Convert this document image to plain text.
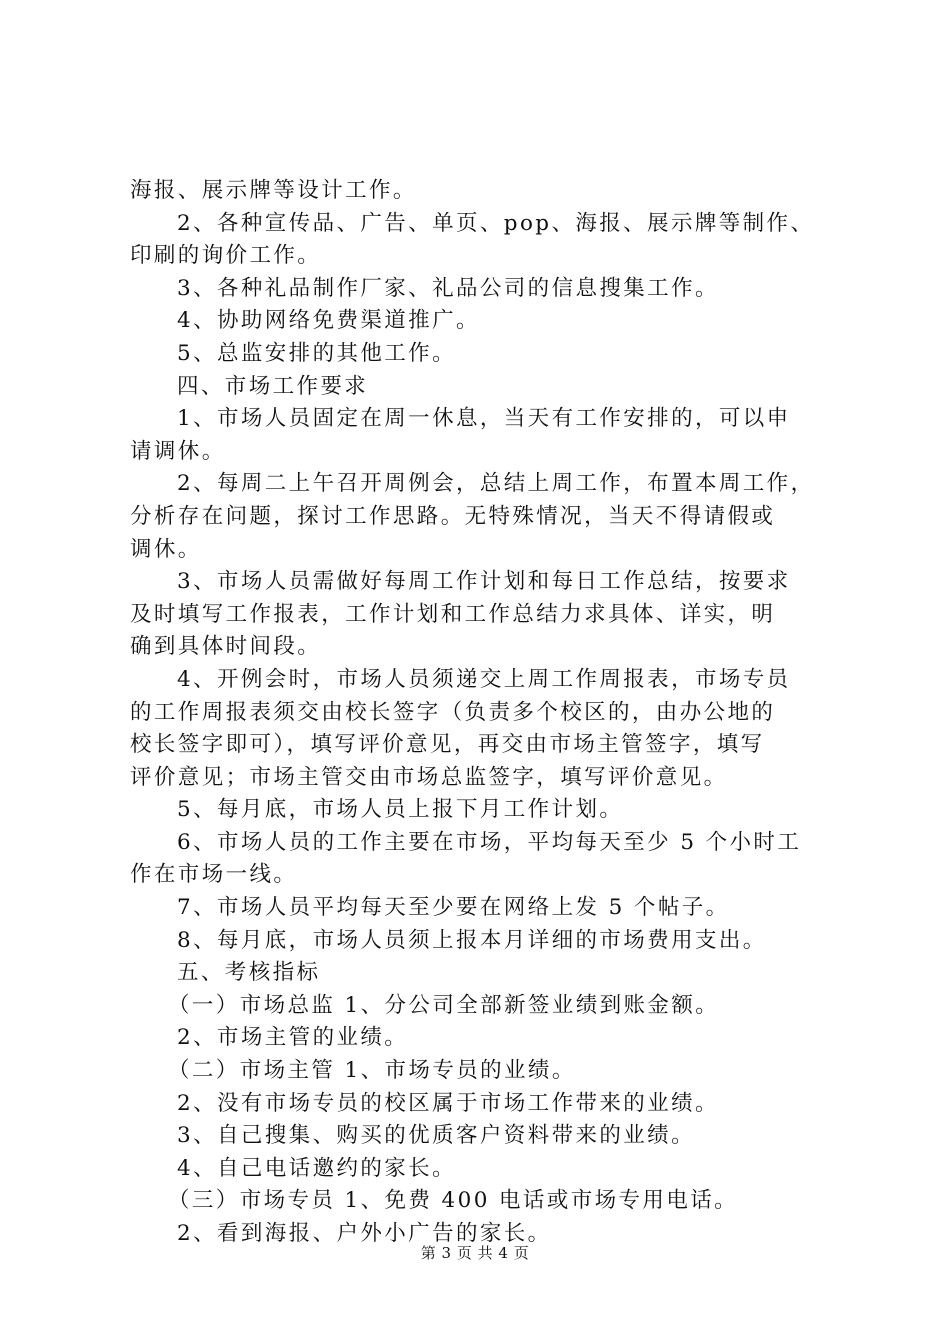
海报、展示牌等设计工作。
2、各种宣传品、广告、单页、pop、海报、展示牌等制作、
印刷的询价工作。
3、各种礼品制作厂家、礼品公司的信息搜集工作。
4、协助网络免费渠道推广。
5、总监安排的其他工作。
四、市场工作要求
1、市场人员固定在周一休息，当天有工作安排的，可以申
请调休。
2、每周二上午召开周例会，总结上周工作，布置本周工作，
分析存在问题，探讨工作思路。无特殊情况，当天不得请假或
调休。
3、市场人员需做好每周工作计划和每日工作总结，按要求
及时填写工作报表，工作计划和工作总结力求具体、详实，明
确到具体时间段。
4、开例会时，市场人员须递交上周工作周报表，市场专员
的工作周报表须交由校长签字（负责多个校区的，由办公地的
校长签字即可），填写评价意见，再交由市场主管签字，填写
评价意见；市场主管交由市场总监签字，填写评价意见。
5、每月底，市场人员上报下月工作计划。
6、市场人员的工作主要在市场，平均每天至少 5 个小时工
作在市场一线。
7、市场人员平均每天至少要在网络上发 5 个帖子。
8、每月底，市场人员须上报本月详细的市场费用支出。
五、考核指标
（一）市场总监 1、分公司全部新签业绩到账金额。
2、市场主管的业绩。
（二）市场主管 1、市场专员的业绩。
2、没有市场专员的校区属于市场工作带来的业绩。
3、自己搜集、购买的优质客户资料带来的业绩。
4、自己电话邀约的家长。
（三）市场专员 1、免费 400 电话或市场专用电话。
2、看到海报、户外小广告的家长。
第 3 页 共 4 页
